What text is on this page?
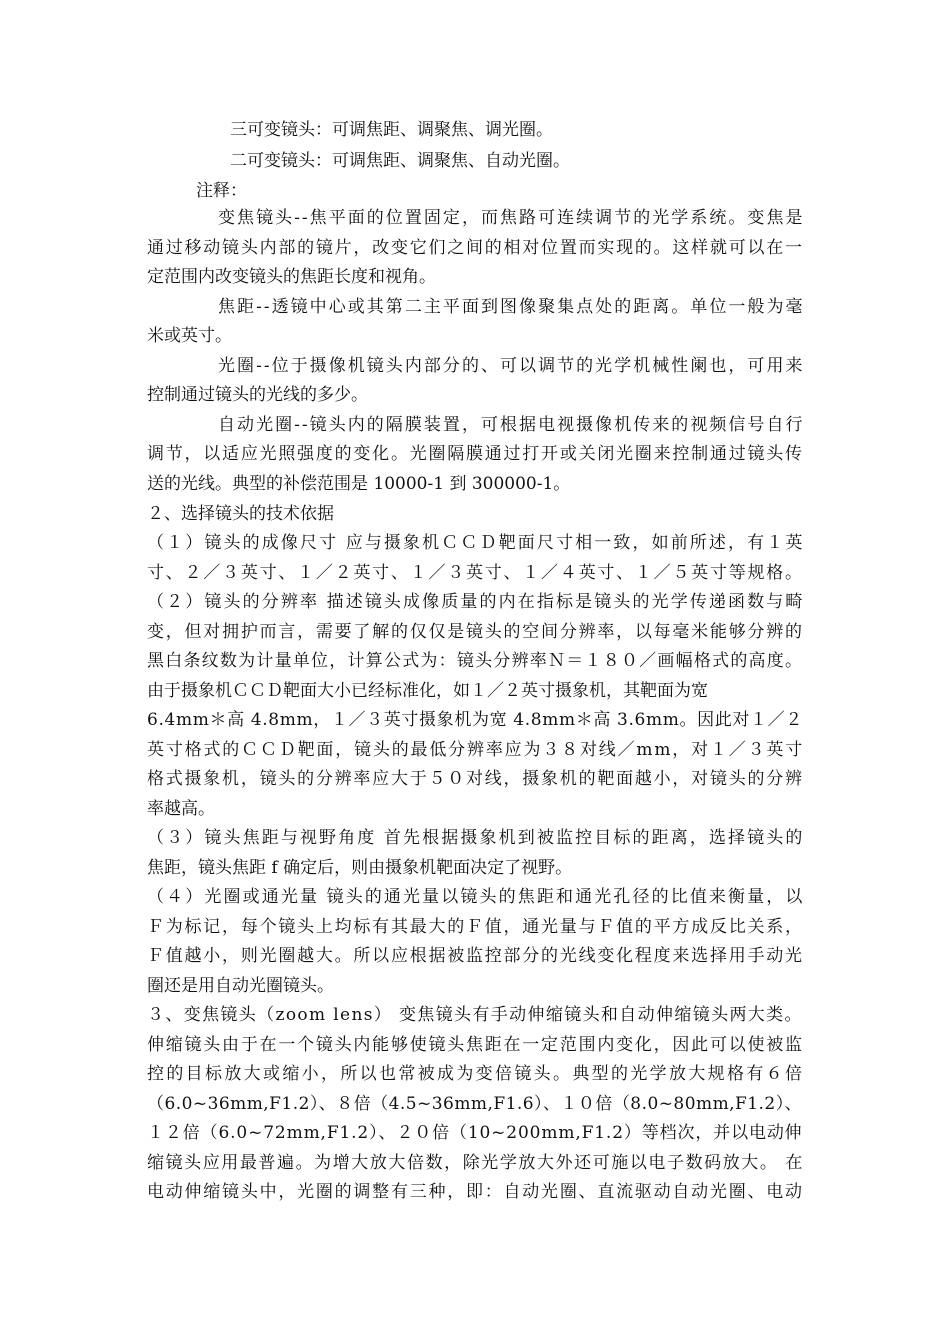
三可变镜头：可调焦距、调聚焦、调光圈。
二可变镜头：可调焦距、调聚焦、自动光圈。
注释：
变焦镜头--焦平面的位置固定，而焦路可连续调节的光学系统。变焦是
通过移动镜头内部的镜片，改变它们之间的相对位置而实现的。这样就可以在一
定范围内改变镜头的焦距长度和视角。
焦距--透镜中心或其第二主平面到图像聚集点处的距离。单位一般为毫
米或英寸。
光圈--位于摄像机镜头内部分的、可以调节的光学机械性阑也，可用来
控制通过镜头的光线的多少。
自动光圈--镜头内的隔膜装置，可根据电视摄像机传来的视频信号自行
调节，以适应光照强度的变化。光圈隔膜通过打开或关闭光圈来控制通过镜头传
送的光线。典型的补偿范围是 10000-1 到 300000-1。
２、选择镜头的技术依据
（１）镜头的成像尺寸 应与摄象机ＣＣＤ靶面尺寸相一致，如前所述，有１英
寸、２／３英寸、１／２英寸、１／３英寸、１／４英寸、１／５英寸等规格。
（２）镜头的分辨率 描述镜头成像质量的内在指标是镜头的光学传递函数与畸
变，但对拥护而言，需要了解的仅仅是镜头的空间分辨率，以每毫米能够分辨的
黑白条纹数为计量单位，计算公式为：镜头分辨率Ｎ＝１８０／画幅格式的高度。
由于摄象机ＣＣＤ靶面大小已经标准化，如１／２英寸摄象机，其靶面为宽
6.4mm＊高 4.8mm，１／３英寸摄象机为宽 4.8mm＊高 3.6mm。因此对１／２
英寸格式的ＣＣＤ靶面，镜头的最低分辨率应为３８对线／mm，对１／３英寸
格式摄象机，镜头的分辨率应大于５０对线，摄象机的靶面越小，对镜头的分辨
率越高。
（３）镜头焦距与视野角度 首先根据摄象机到被监控目标的距离，选择镜头的
焦距，镜头焦距 f 确定后，则由摄象机靶面决定了视野。
（４）光圈或通光量 镜头的通光量以镜头的焦距和通光孔径的比值来衡量，以
Ｆ为标记，每个镜头上均标有其最大的Ｆ值，通光量与Ｆ值的平方成反比关系，
Ｆ值越小，则光圈越大。所以应根据被监控部分的光线变化程度来选择用手动光
圈还是用自动光圈镜头。
３、变焦镜头（zoom lens） 变焦镜头有手动伸缩镜头和自动伸缩镜头两大类。
伸缩镜头由于在一个镜头内能够使镜头焦距在一定范围内变化，因此可以使被监
控的目标放大或缩小，所以也常被成为变倍镜头。典型的光学放大规格有６倍
（6.0~36mm,F1.2）、８倍（4.5~36mm,F1.6）、１０倍（8.0~80mm,F1.2）、
１２倍（6.0~72mm,F1.2）、２０倍（10~200mm,F1.2）等档次，并以电动伸
缩镜头应用最普遍。为增大放大倍数，除光学放大外还可施以电子数码放大。 在
电动伸缩镜头中，光圈的调整有三种，即：自动光圈、直流驱动自动光圈、电动
